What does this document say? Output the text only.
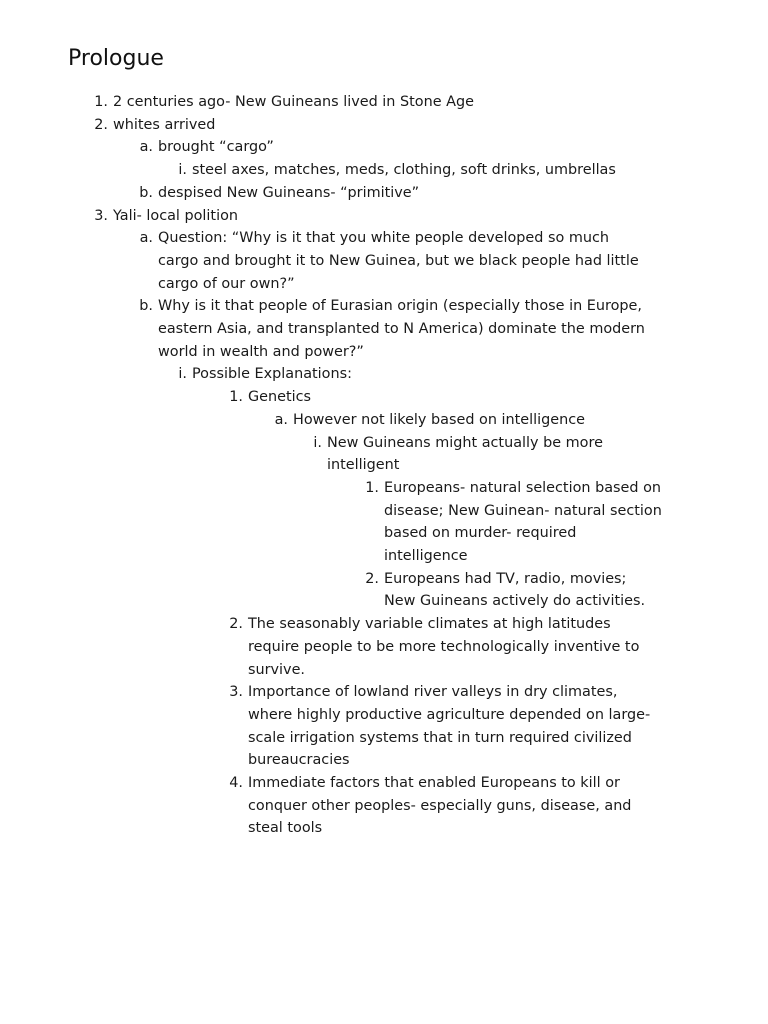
Prologue
1. 2 centuries ago- New Guineans lived in Stone Age
2. whites arrived
a. brought “cargo”
i. steel axes, matches, meds, clothing, soft drinks, umbrellas
b. despised New Guineans- “primitive”
3. Yali- local polition
a. Question: “Why is it that you white people developed so much
cargo and brought it to New Guinea, but we black people had little
cargo of our own?”
b. Why is it that people of Eurasian origin (especially those in Europe,
eastern Asia, and transplanted to N America) dominate the modern
world in wealth and power?”
i. Possible Explanations:
1. Genetics
a. However not likely based on intelligence
i. New Guineans might actually be more
intelligent
1. Europeans- natural selection based on
disease; New Guinean- natural section
based on murder- required
intelligence
2. Europeans had TV, radio, movies;
New Guineans actively do activities.
2. The seasonably variable climates at high latitudes
require people to be more technologically inventive to
survive.
3. Importance of lowland river valleys in dry climates,
where highly productive agriculture depended on large-
scale irrigation systems that in turn required civilized
bureaucracies
4. Immediate factors that enabled Europeans to kill or
conquer other peoples- especially guns, disease, and
steal tools
